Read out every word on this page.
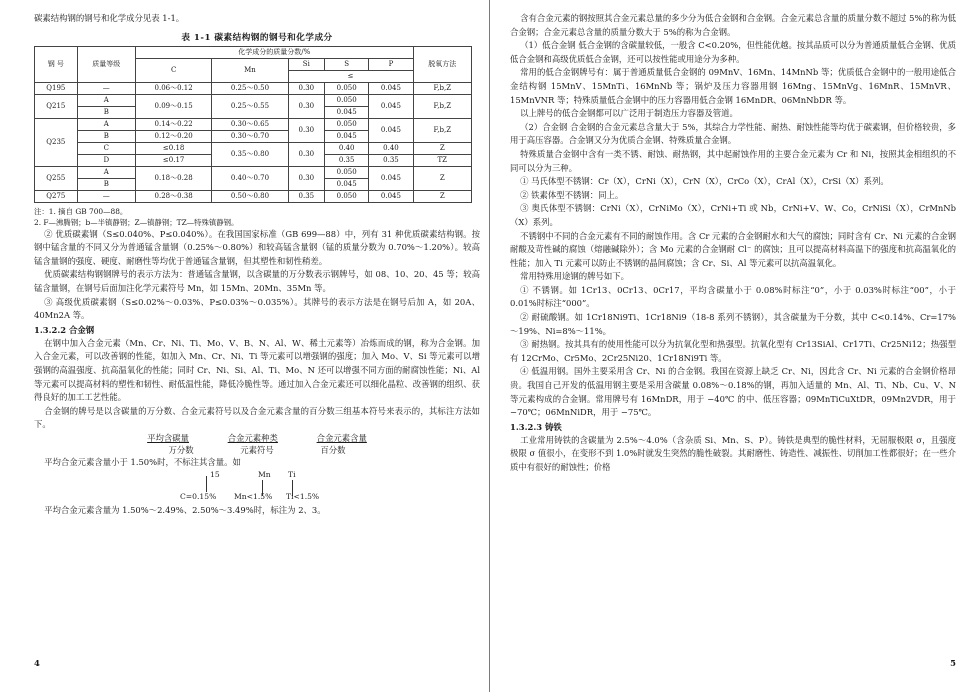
碳素结构钢的钢号和化学成分见表 1-1。

表 1-1 碳素结构钢的钢号和化学成分

钢 号	质量等级	化学成分的质量分数/%					脱氧方法
		C	Mn	Si	S	P	
				≤			
Q195	—	0.06～0.12	0.25～0.50	0.30	0.050	0.045	F,b,Z
Q215	A	0.09～0.15	0.25～0.55	0.30	0.050	0.045	F,b,Z
	B				0.045		
Q235	A	0.14～0.22	0.30～0.65	0.30	0.050	0.045	F,b,Z
	B	0.12～0.20	0.30～0.70		0.045		
	C	≤0.18	0.35～0.80	0.30	0.40	0.40	Z
	D	≤0.17			0.35	0.35	TZ
Q255	A	0.18～0.28	0.40～0.70	0.30	0.050	0.045	Z
	B				0.045		
Q275	—	0.28～0.38	0.50～0.80	0.35	0.050	0.045	Z

注：1. 摘自 GB 700—88。

2. F—沸腾钢；b—半镇静钢；Z—镇静钢；TZ—特殊镇静钢。

② 优质碳素钢（S≤0.040%、P≤0.040%）。在我国国家标准（GB 699—88）中，列有 31 种优质碳素结构钢。按钢中锰含量的不同又分为普通锰含量钢（0.25%～0.80%）和较高锰含量钢（锰的质量分数为 0.70%～1.20%）。较高锰含量钢的强度、硬度、耐磨性等均优于普通锰含量钢，但其塑性和韧性稍差。

优质碳素结构钢钢牌号的表示方法为：普通锰含量钢，以含碳量的万分数表示钢牌号，如 08、10、20、45 等；较高锰含量钢，在钢号后面加注化学元素符号 Mn，如 15Mn、20Mn、35Mn 等。

③ 高级优质碳素钢（S≤0.02%～0.03%、P≤0.03%～0.035%）。其牌号的表示方法是在钢号后加 A，如 20A、40Mn2A 等。

1.3.2.2 合金钢

在钢中加入合金元素（Mn、Cr、Ni、Ti、Mo、V、B、N、Al、W、稀土元素等）冶炼而成的钢，称为合金钢。加入合金元素，可以改善钢的性能，如加入 Mn、Cr、Ni、Ti 等元素可以增强钢的强度；加入 Mo、V、Si 等元素可以增强钢的高温强度、抗高温氧化的性能；同时 Cr、Ni、Si、Al、Ti、Mo、N 还可以增强不同方面的耐腐蚀性能；Ni、Al 等元素可以提高材料的塑性和韧性、耐低温性能，降低冷脆性等。通过加入合金元素还可以细化晶粒、改善钢的组织、获得良好的加工工艺性能。

合金钢的牌号是以含碳量的万分数、合金元素符号以及合金元素含量的百分数三组基本符号来表示的，其标注方法如下。

平均含碳量	合金元素种类	合金元素含量
万分数	元素符号	百分数

平均合金元素含量小于 1.50%时，不标注其含量。如

15	Mn Ti
C=0.15% Mn<1.5% Ti<1.5%

平均合金元素含量为 1.50%～2.49%、2.50%～3.49%时，标注为 2、3。

4

含有合金元素的钢按照其合金元素总量的多少分为低合金钢和合金钢。合金元素总含量的质量分数不超过 5%的称为低合金钢；合金元素总含量的质量分数大于 5%的称为合金钢。

（1）低合金钢 低合金钢的含碳量较低，一般含 C<0.20%，但性能优越。按其品质可以分为普通质量低合金钢、优质低合金钢和高级优质低合金钢，还可以按性能或用途分为多种。

常用的低合金钢牌号有：属于普通质量低合金钢的 09MnV、16Mn、14MnNb 等；优质低合金钢中的一般用途低合金结构钢 15MnV、15MnTi、16MnNb 等；锅炉及压力容器用钢 16Mng、15MnVg、16MnR、15MnVR、15MnVNR 等；特殊质量低合金钢中的压力容器用低合金钢 16MnDR、06MnNbDR 等。

以上牌号的低合金钢都可以广泛用于制造压力容器及管道。

（2）合金钢 合金钢的合金元素总含量大于 5%，其综合力学性能、耐热、耐蚀性能等均优于碳素钢，但价格较贵，多用于高压容器。合金钢又分为优质合金钢、特殊质量合金钢。

特殊质量合金钢中含有一类不锈、耐蚀、耐热钢，其中起耐蚀作用的主要合金元素为 Cr 和 Ni，按照其金相组织的不同可以分为三种。

① 马氏体型不锈钢：Cr（X），CrNi（X），CrN（X），CrCo（X），CrAl（X），CrSi（X）系列。

② 铁素体型不锈钢：同上。

③ 奥氏体型不锈钢：CrNi（X），CrNiMo（X），CrNi+Ti 或 Nb，CrNi+V、W、Co，CrNiSi（X），CrMnNb（X）系列。

不锈钢中不同的合金元素有不同的耐蚀作用。含 Cr 元素的合金钢耐水和大气的腐蚀；同时含有 Cr、Ni 元素的合金钢耐酸及苛性碱的腐蚀（熔融碱除外）；含 Mo 元素的合金钢耐 Cl⁻ 的腐蚀；且可以提高材料高温下的强度和抗高温氧化的性能；加入 Ti 元素可以防止不锈钢的晶间腐蚀；含 Cr、Si、Al 等元素可以抗高温氧化。

常用特殊用途钢的牌号如下。

① 不锈钢。如 1Cr13、0Cr13、0Cr17，平均含碳量小于 0.08%时标注“0”，小于 0.03%时标注“00”，小于 0.01%时标注“000”。

② 耐硫酸钢。如 1Cr18Ni9Ti、1Cr18Ni9（18-8 系列不锈钢），其含碳量为千分数，其中 C<0.14%、Cr=17%～19%、Ni=8%～11%。

③ 耐热钢。按其具有的使用性能可以分为抗氧化型和热强型。抗氧化型有 Cr13SiAl、Cr17Ti、Cr25Ni12；热强型有 12CrMo、Cr5Mo、2Cr25Ni20、1Cr18Ni9Ti 等。

④ 低温用钢。国外主要采用含 Cr、Ni 的合金钢。我国在资源上缺乏 Cr、Ni，因此含 Cr、Ni 元素的合金钢价格昂贵。我国自己开发的低温用钢主要是采用含碳量 0.08%～0.18%的钢，再加入适量的 Mn、Al、Ti、Nb、Cu、V、N 等元素构成的合金钢。常用牌号有 16MnDR，用于 −40℃ 的中、低压容器；09MnTiCuXtDR，09Mn2VDR，用于 −70℃；06MnNiDR，用于 −75℃。

1.3.2.3 铸铁

工业常用铸铁的含碳量为 2.5%～4.0%（含杂质 Si、Mn、S、P）。铸铁是典型的脆性材料，无屈服极限 σ，且强度极限 σ 值很小，在变形不到 1.0%时就发生突然的脆性破裂。其耐磨性、铸造性、减振性、切削加工性都很好；在一些介质中有很好的耐蚀性；价格

5
